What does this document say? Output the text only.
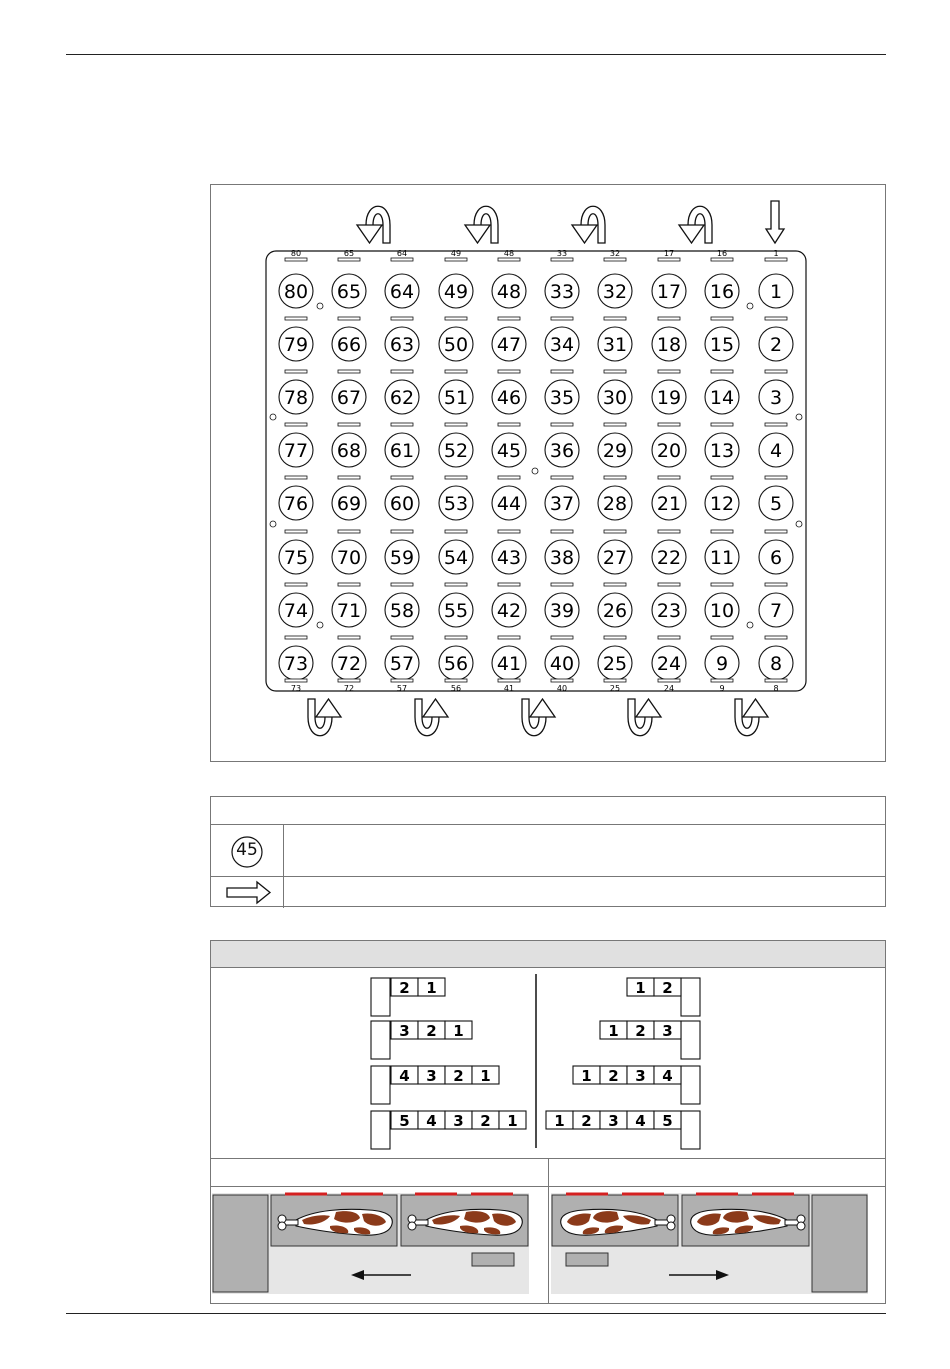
80
73
80
79
78
77
76
75
74
73
65
72
65
66
67
68
69
70
71
72
64
57
64
63
62
61
60
59
58
57
49
56
49
50
51
52
53
54
55
56
48
41
48
47
46
45
44
43
42
41
33
40
33
34
35
36
37
38
39
40
32
25
32
31
30
29
28
27
26
25
17
24
17
18
19
20
21
22
23
24
16
9
16
15
14
13
12
11
10
9
1
8
1
2
3
4
5
6
7
8
45
2 1
3 2 1
4 3 2 1
5 4 3 2 1
1 2
1 2 3
1 2 3 4
1 2 3 4 5
